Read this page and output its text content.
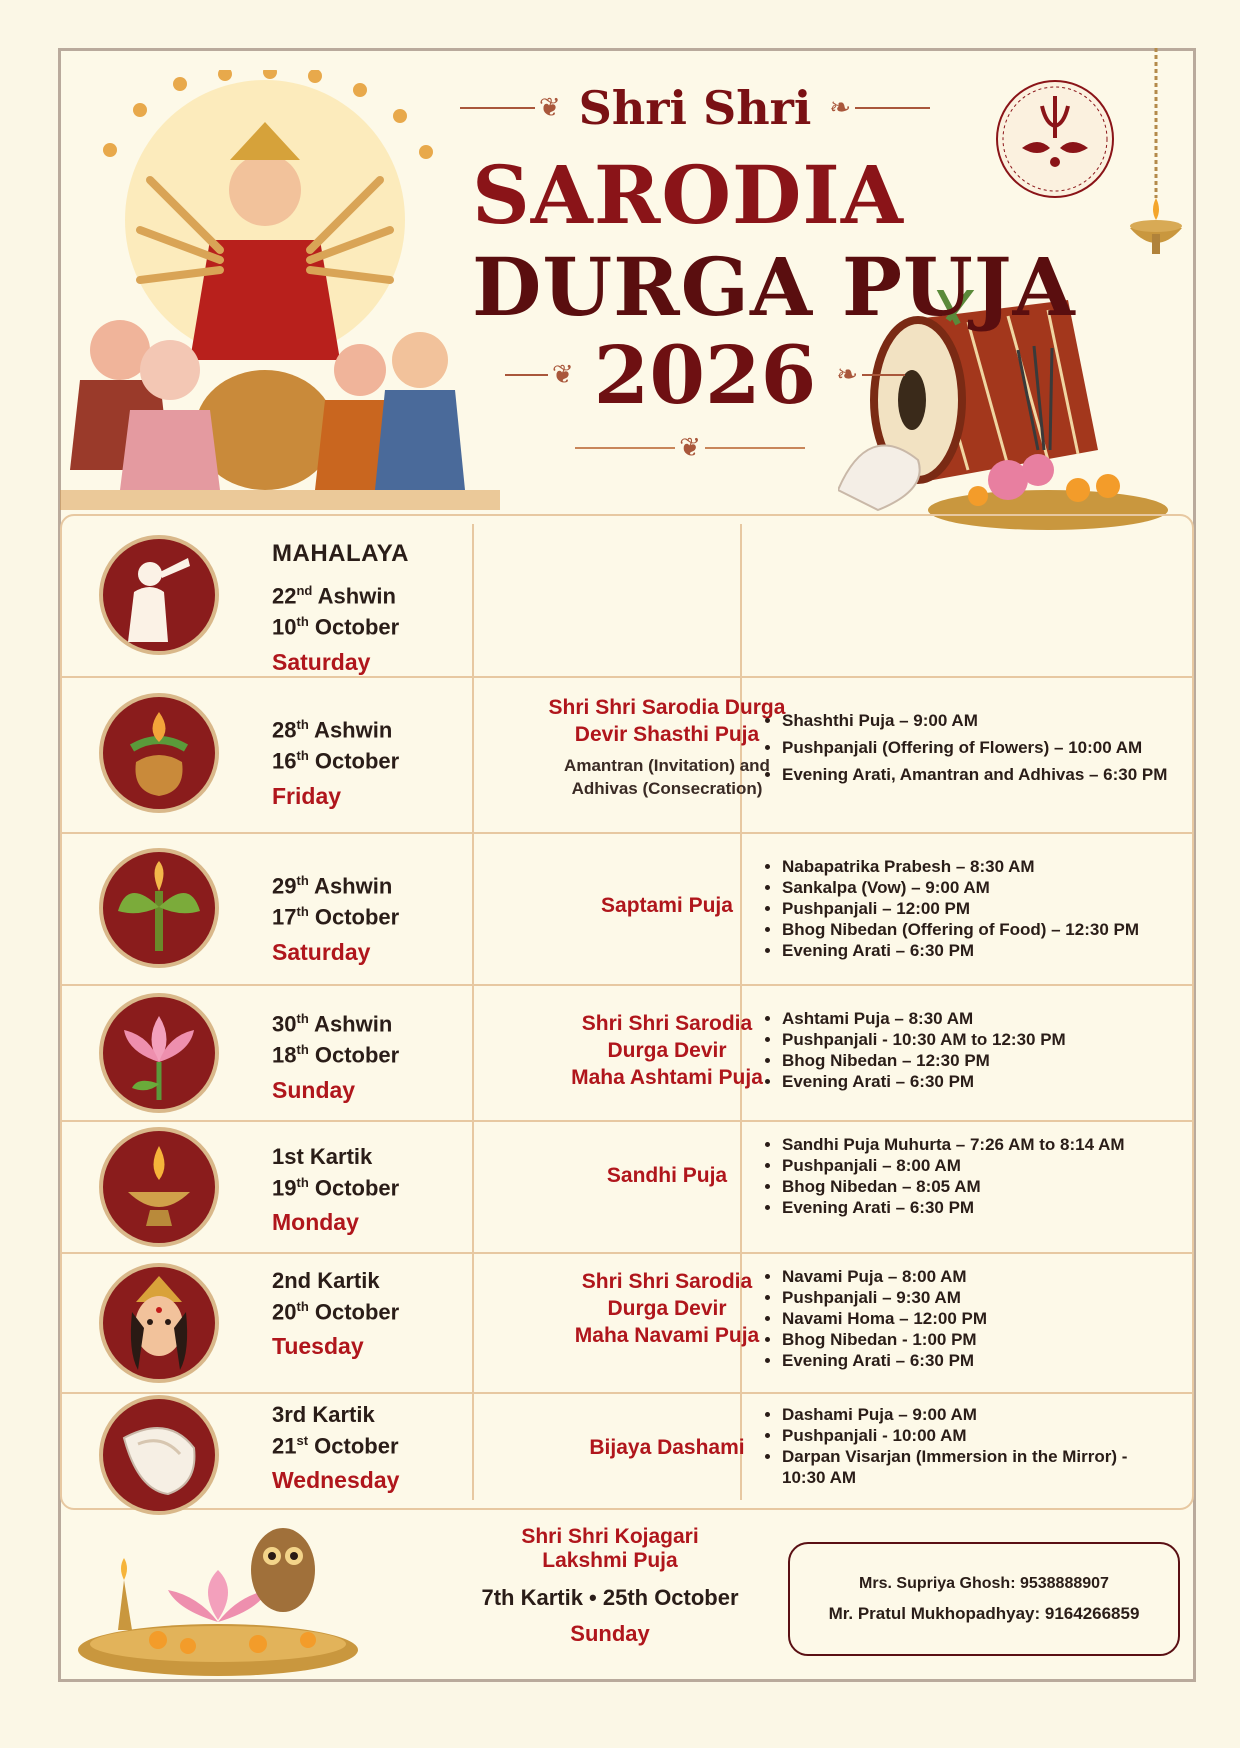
❦ Shri Shri ❧
SARODIA
DURGA PUJA
❦ 2026 ❧
❦
MAHALAYA
22nd Ashwin
10th October
Saturday
28th Ashwin
16th October
Friday
Shri Shri Sarodia Durga
Devir Shasthi Puja
Amantran (Invitation) and
Adhivas (Consecration)
• Shashthi Puja – 9:00 AM
• Pushpanjali (Offering of Flowers) – 10:00 AM
• Evening Arati, Amantran and Adhivas – 6:30 PM
29th Ashwin
17th October
Saturday
Saptami Puja
• Nabapatrika Prabesh – 8:30 AM
• Sankalpa (Vow) – 9:00 AM
• Pushpanjali – 12:00 PM
• Bhog Nibedan (Offering of Food) – 12:30 PM
• Evening Arati – 6:30 PM
30th Ashwin
18th October
Sunday
Shri Shri Sarodia
Durga Devir
Maha Ashtami Puja
• Ashtami Puja – 8:30 AM
• Pushpanjali - 10:30 AM to 12:30 PM
• Bhog Nibedan – 12:30 PM
• Evening Arati – 6:30 PM
1st Kartik
19th October
Monday
Sandhi Puja
• Sandhi Puja Muhurta – 7:26 AM to 8:14 AM
• Pushpanjali – 8:00 AM
• Bhog Nibedan – 8:05 AM
• Evening Arati – 6:30 PM
2nd Kartik
20th October
Tuesday
Shri Shri Sarodia
Durga Devir
Maha Navami Puja
• Navami Puja – 8:00 AM
• Pushpanjali – 9:30 AM
• Navami Homa – 12:00 PM
• Bhog Nibedan - 1:00 PM
• Evening Arati – 6:30 PM
3rd Kartik
21st October
Wednesday
Bijaya Dashami
• Dashami Puja – 9:00 AM
• Pushpanjali - 10:00 AM
• Darpan Visarjan (Immersion in the Mirror) - 10:30 AM
Shri Shri Kojagari
Lakshmi Puja
7th Kartik • 25th October
Sunday
Mrs. Supriya Ghosh: 9538888907
Mr. Pratul Mukhopadhyay: 9164266859
